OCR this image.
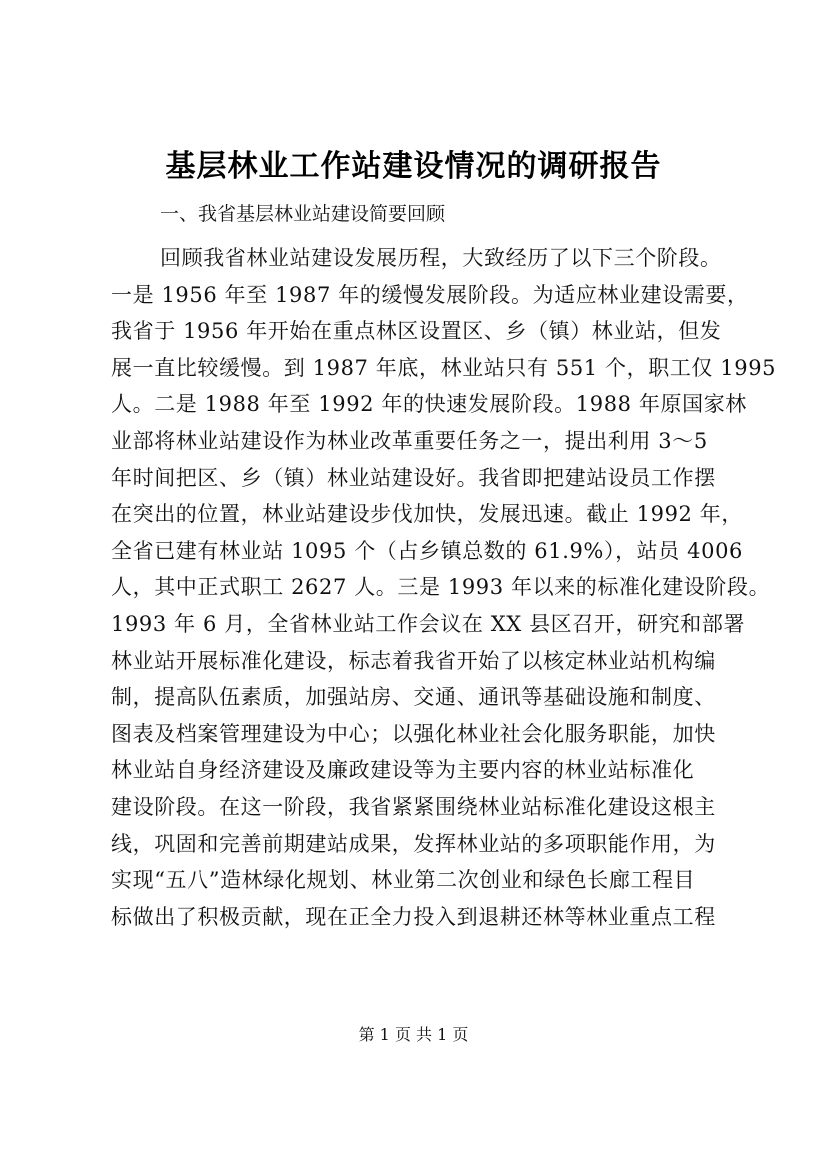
基层林业工作站建设情况的调研报告
一、我省基层林业站建设简要回顾
回顾我省林业站建设发展历程，大致经历了以下三个阶段。
一是 1956 年至 1987 年的缓慢发展阶段。为适应林业建设需要，
我省于 1956 年开始在重点林区设置区、乡（镇）林业站，但发
展一直比较缓慢。到 1987 年底，林业站只有 551 个，职工仅 1995
人。二是 1988 年至 1992 年的快速发展阶段。1988 年原国家林
业部将林业站建设作为林业改革重要任务之一，提出利用 3～5
年时间把区、乡（镇）林业站建设好。我省即把建站设员工作摆
在突出的位置，林业站建设步伐加快，发展迅速。截止 1992 年，
全省已建有林业站 1095 个（占乡镇总数的 61.9%），站员 4006
人，其中正式职工 2627 人。三是 1993 年以来的标准化建设阶段。
1993 年 6 月，全省林业站工作会议在 XX 县区召开，研究和部署
林业站开展标准化建设，标志着我省开始了以核定林业站机构编
制，提高队伍素质，加强站房、交通、通讯等基础设施和制度、
图表及档案管理建设为中心；以强化林业社会化服务职能，加快
林业站自身经济建设及廉政建设等为主要内容的林业站标准化
建设阶段。在这一阶段，我省紧紧围绕林业站标准化建设这根主
线，巩固和完善前期建站成果，发挥林业站的多项职能作用，为
实现“五八”造林绿化规划、林业第二次创业和绿色长廊工程目
标做出了积极贡献，现在正全力投入到退耕还林等林业重点工程
第 1 页 共 1 页
